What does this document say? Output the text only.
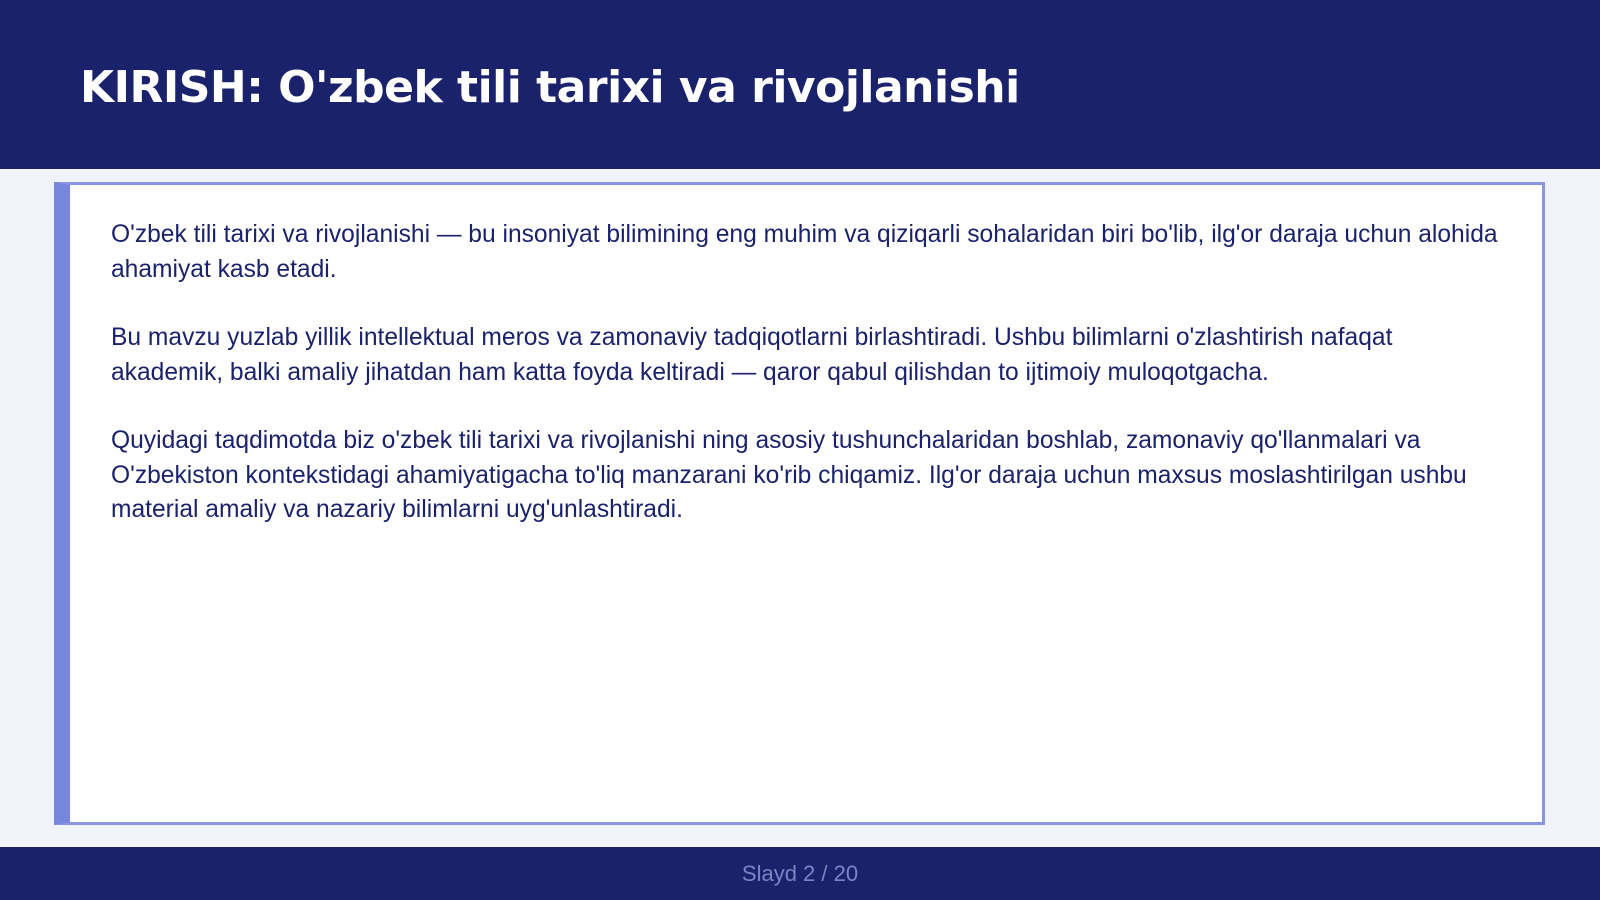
KIRISH: O'zbek tili tarixi va rivojlanishi

O'zbek tili tarixi va rivojlanishi — bu insoniyat bilimining eng muhim va qiziqarli sohalaridan biri bo'lib, ilg'or daraja uchun alohida ahamiyat kasb etadi.

Bu mavzu yuzlab yillik intellektual meros va zamonaviy tadqiqotlarni birlashtiradi. Ushbu bilimlarni o'zlashtirish nafaqat akademik, balki amaliy jihatdan ham katta foyda keltiradi — qaror qabul qilishdan to ijtimoiy muloqotgacha.

Quyidagi taqdimotda biz o'zbek tili tarixi va rivojlanishi ning asosiy tushunchalaridan boshlab, zamonaviy qo'llanmalari va O'zbekiston kontekstidagi ahamiyatigacha to'liq manzarani ko'rib chiqamiz. Ilg'or daraja uchun maxsus moslashtirilgan ushbu material amaliy va nazariy bilimlarni uyg'unlashtiradi.

Slayd 2 / 20
